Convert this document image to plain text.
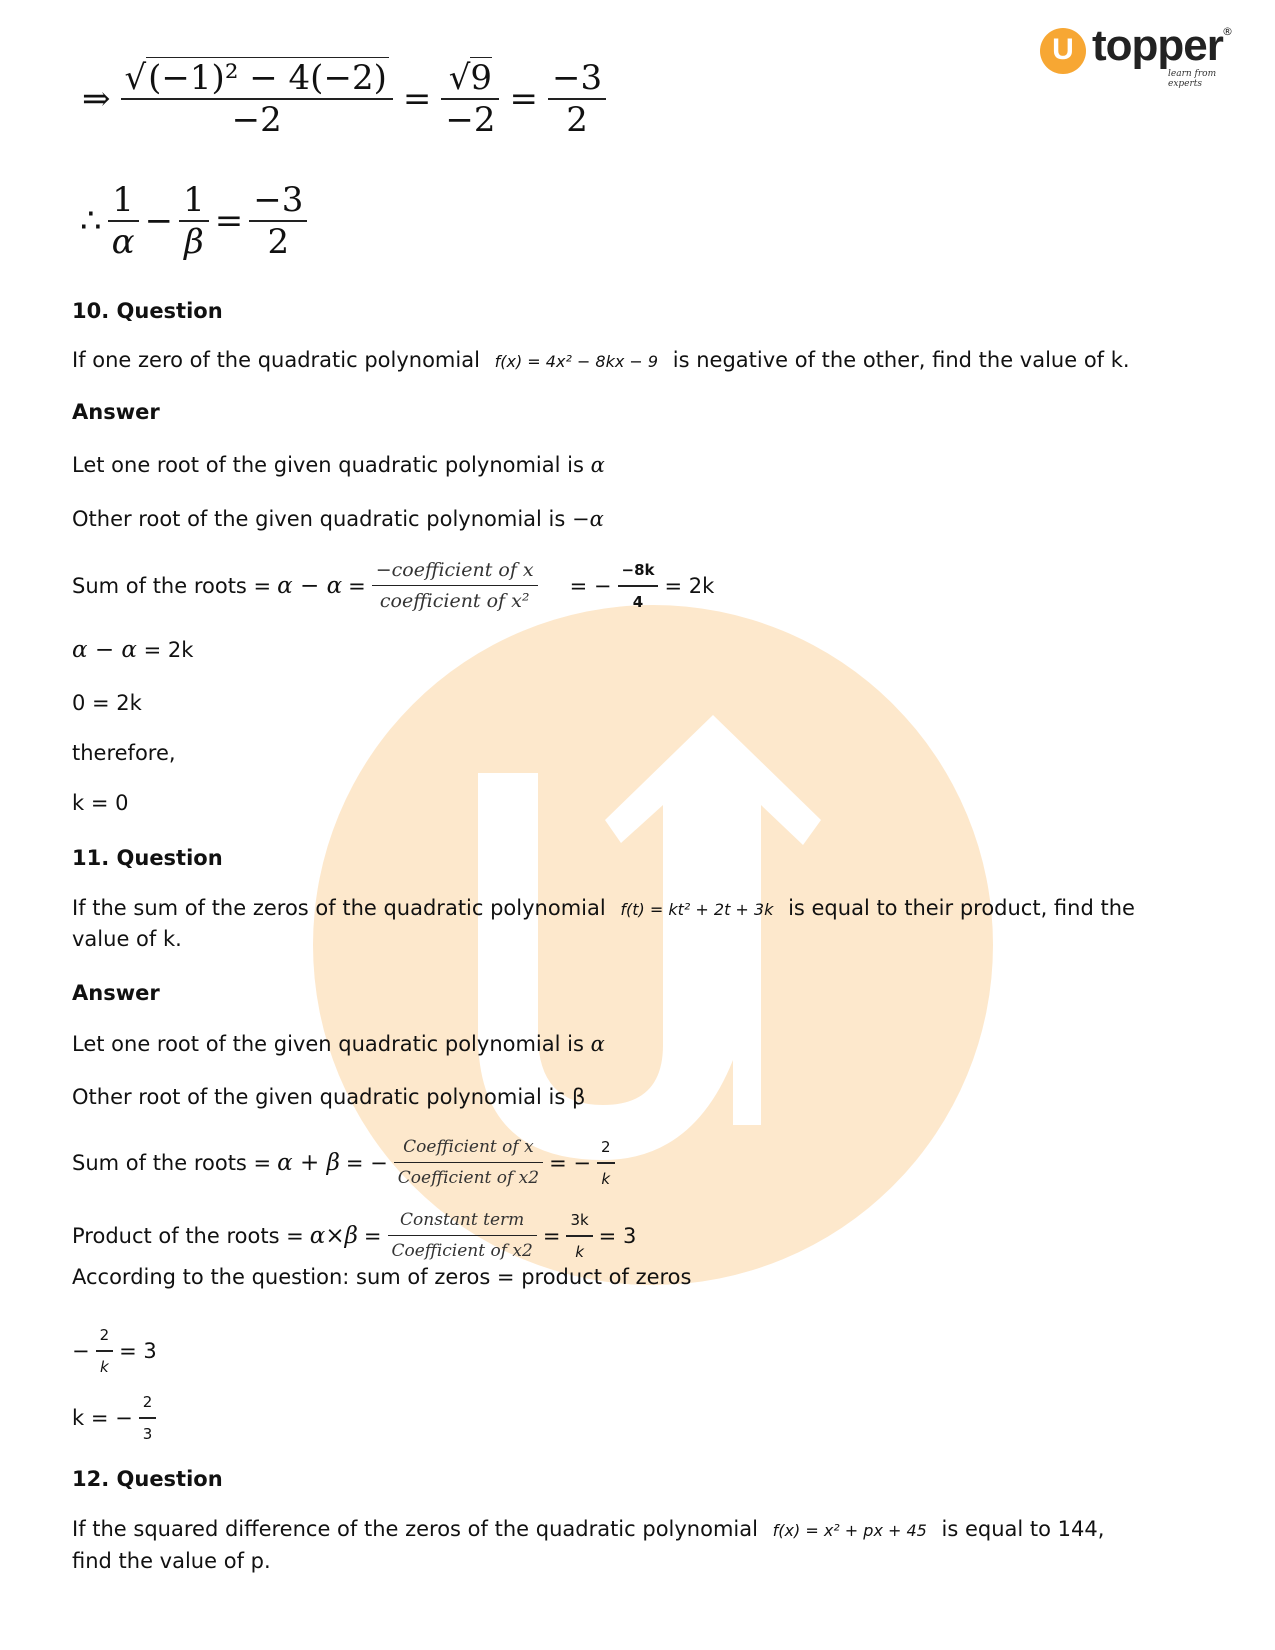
U topper
learn from experts
®
⇒ $\frac{\text{√(−1)² − 4(−2)}}{-2} = \frac{√9}{-2} = \frac{-3}{2}$
∴ $\frac{1}{\alpha} - \frac{1}{\beta} = \frac{-3}{2}$
10. Question
If one zero of the quadratic polynomial f(x) = 4x² − 8kx − 9 is negative of the other, find the value of k.
Answer
Let one root of the given quadratic polynomial is α
Other root of the given quadratic polynomial is −α
Sum of the roots = $\alpha - \alpha = \frac{\text{−coefficient of x}}{\text{coefficient of x²}}$ = − $\frac{-8k}{4} = 2k$
α − α = 2k
0 = 2k
therefore,
k = 0
11. Question
If the sum of the zeros of the quadratic polynomial f(t) = kt² + 2t + 3k is equal to their product, find the
value of k.
Answer
Let one root of the given quadratic polynomial is α
Other root of the given quadratic polynomial is β
Sum of the roots = α + β = − $\frac{\text{Coefficient of x}}{\text{Coefficient of x2}}$ = − $\frac{2}{k}$
Product of the roots = $\alpha\times\beta = \frac{\text{Constant term}}{\text{Coefficient of x2}} = \frac{3k}{k} = 3$
According to the question: sum of zeros = product of zeros
− $\frac{2}{k} = 3$
k = − $\frac{2}{3}$
12. Question
If the squared difference of the zeros of the quadratic polynomial f(x) = x² + px + 45 is equal to 144,
find the value of p.
